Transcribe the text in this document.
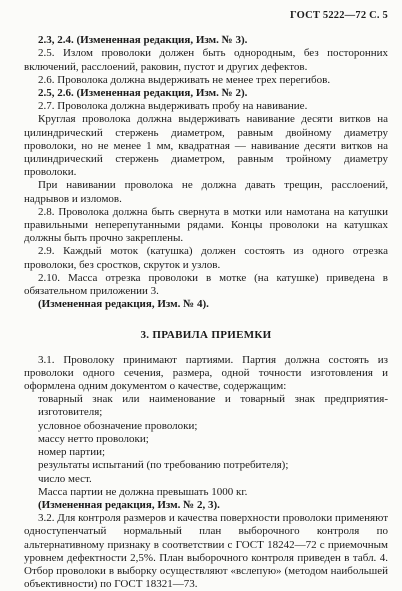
ГОСТ 5222—72 С. 5

2.3, 2.4. (Измененная редакция, Изм. № 3).

2.5. Излом проволоки должен быть однородным, без посторонних включений, расслоений, раковин, пустот и других дефектов.

2.6. Проволока должна выдерживать не менее трех перегибов.

2.5, 2.6. (Измененная редакция, Изм. № 2).

2.7. Проволока должна выдерживать пробу на навивание.

Круглая проволока должна выдерживать навивание десяти витков на цилиндрический стержень диаметром, равным двойному диаметру проволоки, но не менее 1 мм, квадратная — навивание десяти витков на цилиндрический стержень диаметром, равным тройному диаметру проволоки.

При навивании проволока не должна давать трещин, расслоений, надрывов и изломов.

2.8. Проволока должна быть свернута в мотки или намотана на катушки правильными неперепутанными рядами. Концы проволоки на катушках должны быть прочно закреплены.

2.9. Каждый моток (катушка) должен состоять из одного отрезка проволоки, без сростков, скруток и узлов.

2.10. Масса отрезка проволоки в мотке (на катушке) приведена в обязательном приложении 3.

(Измененная редакция, Изм. № 4).

3. ПРАВИЛА ПРИЕМКИ

3.1. Проволоку принимают партиями. Партия должна состоять из проволоки одного сечения, размера, одной точности изготовления и оформлена одним документом о качестве, содержащим:

товарный знак или наименование и товарный знак предприятия-изготовителя;

условное обозначение проволоки;

массу нетто проволоки;

номер партии;

результаты испытаний (по требованию потребителя);

число мест.

Масса партии не должна превышать 1000 кг.

(Измененная редакция, Изм. № 2, 3).

3.2. Для контроля размеров и качества поверхности проволоки применяют одноступенчатый нормальный план выборочного контроля по альтернативному признаку в соответствии с ГОСТ 18242—72 с приемочным уровнем дефектности 2,5%. План выборочного контроля приведен в табл. 4. Отбор проволоки в выборку осуществляют «вслепую» (методом наибольшей объективности) по ГОСТ 18321—73.
